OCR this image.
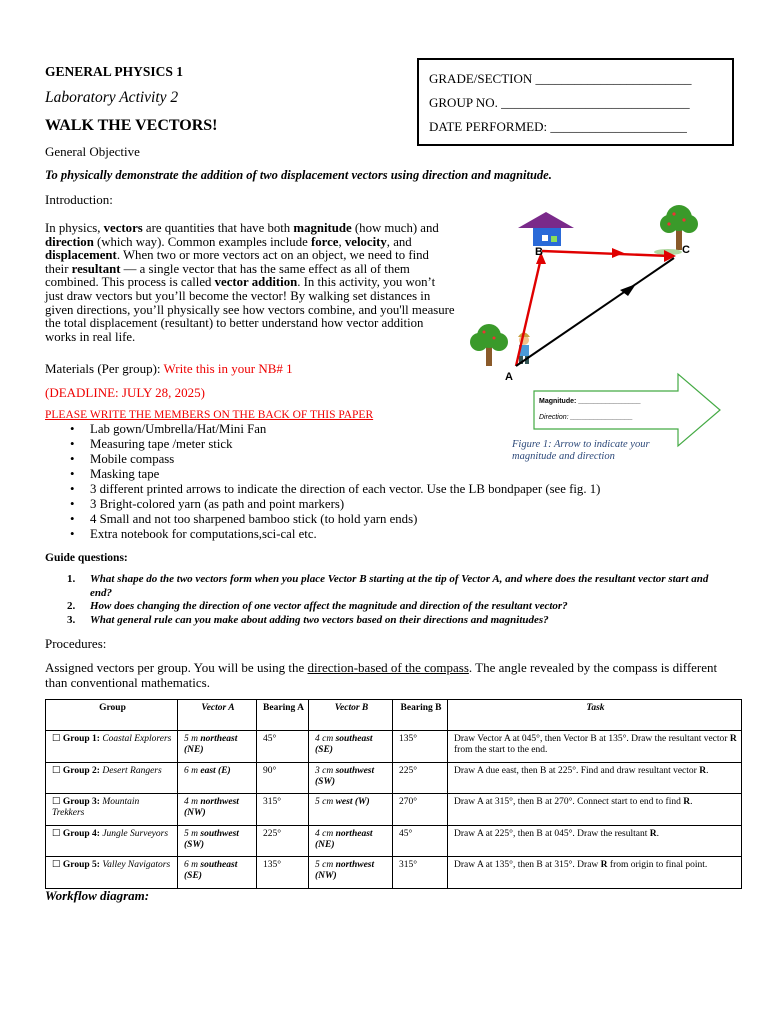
GENERAL PHYSICS 1
Laboratory Activity 2
WALK THE VECTORS!
GRADE/SECTION ________________________
GROUP NO. _____________________________
DATE PERFORMED: _____________________
General Objective
To physically demonstrate the addition of two displacement vectors using direction and magnitude.
Introduction:
In physics, vectors are quantities that have both magnitude (how much) and direction (which way). Common examples include force, velocity, and displacement. When two or more vectors act on an object, we need to find their resultant — a single vector that has the same effect as all of them combined. This process is called vector addition. In this activity, you won’t just draw vectors but you’ll become the vector! By walking set distances in given directions, you’ll physically see how vectors combine, and you'll measure the total displacement (resultant) to better understand how vector addition works in real life.
A
B	C
Magnitude: ________________
Direction: ________________
Figure 1: Arrow to indicate your magnitude and direction
Materials (Per group): Write this in your NB# 1
(DEADLINE: JULY 28, 2025)
PLEASE WRITE THE MEMBERS ON THE BACK OF THIS PAPER
• Lab gown/Umbrella/Hat/Mini Fan
• Measuring tape /meter stick
• Mobile compass
• Masking tape
• 3 different printed arrows to indicate the direction of each vector. Use the LB bondpaper (see fig. 1)
• 3 Bright-colored yarn (as path and point markers)
• 4 Small and not too sharpened bamboo stick (to hold yarn ends)
• Extra notebook for computations,sci-cal etc.
Guide questions:
1. What shape do the two vectors form when you place Vector B starting at the tip of Vector A, and where does the resultant vector start and end?
2. How does changing the direction of one vector affect the magnitude and direction of the resultant vector?
3. What general rule can you make about adding two vectors based on their directions and magnitudes?
Procedures:
Assigned vectors per group. You will be using the direction-based of the compass. The angle revealed by the compass is different than conventional mathematics.
Group	Vector A	Bearing A	Vector B	Bearing B	Task
☐ Group 1: Coastal Explorers	5 m northeast (NE)	45°	4 cm southeast (SE)	135°	Draw Vector A at 045°, then Vector B at 135°. Draw the resultant vector R from the start to the end.
☐ Group 2: Desert Rangers	6 m east (E)	90°	3 cm southwest (SW)	225°	Draw A due east, then B at 225°. Find and draw resultant vector R.
☐ Group 3: Mountain Trekkers	4 m northwest (NW)	315°	5 cm west (W)	270°	Draw A at 315°, then B at 270°. Connect start to end to find R.
☐ Group 4: Jungle Surveyors	5 m southwest (SW)	225°	4 cm northeast (NE)	45°	Draw A at 225°, then B at 045°. Draw the resultant R.
☐ Group 5: Valley Navigators	6 m southeast (SE)	135°	5 cm northwest (NW)	315°	Draw A at 135°, then B at 315°. Draw R from origin to final point.
Workflow diagram:
